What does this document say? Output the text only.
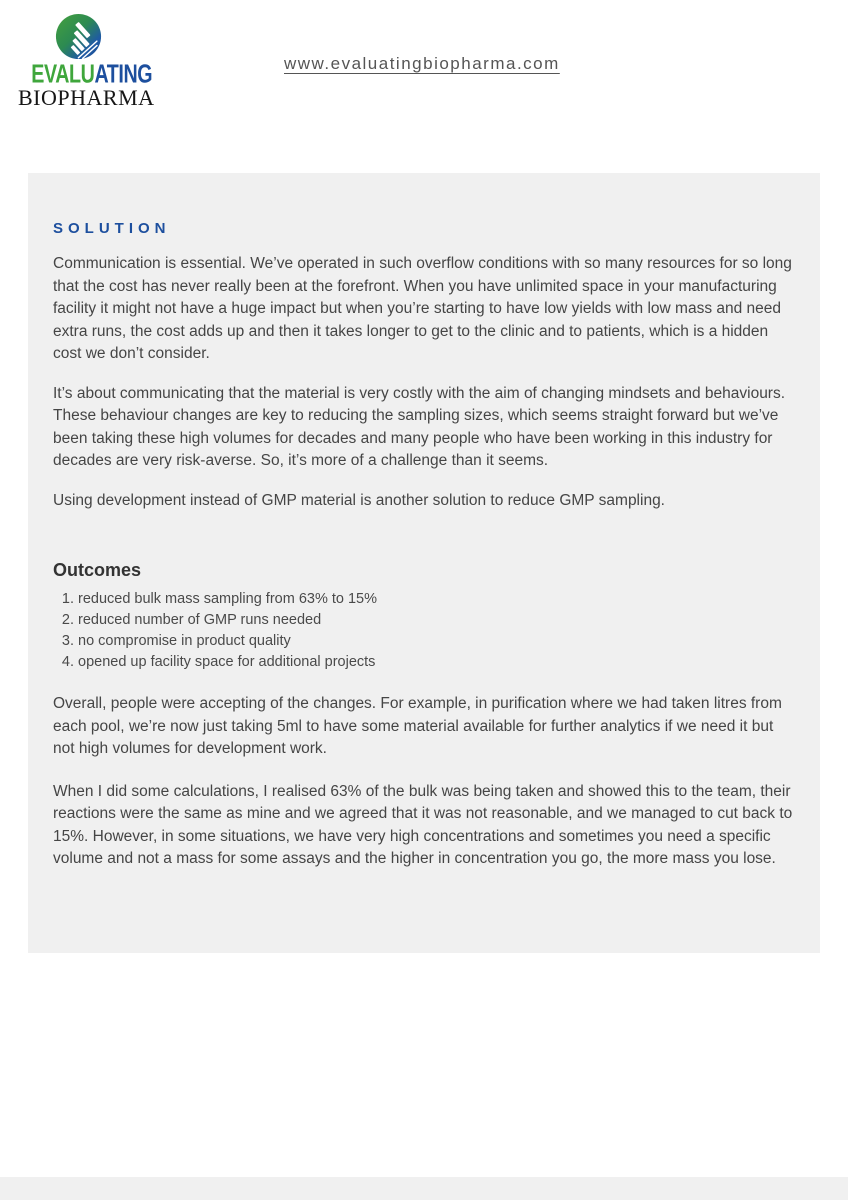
EVALUATING
BIOPHARMA
www.evaluatingbiopharma.com
SOLUTION

Communication is essential. We’ve operated in such overflow conditions with so many resources for so long that the cost has never really been at the forefront. When you have unlimited space in your manufacturing facility it might not have a huge impact but when you’re starting to have low yields with low mass and need extra runs, the cost adds up and then it takes longer to get to the clinic and to patients, which is a hidden cost we don’t consider.

It’s about communicating that the material is very costly with the aim of changing mindsets and behaviours. These behaviour changes are key to reducing the sampling sizes, which seems straight forward but we’ve been taking these high volumes for decades and many people who have been working in this industry for decades are very risk-averse. So, it’s more of a challenge than it seems.

Using development instead of GMP material is another solution to reduce GMP sampling.

Outcomes
1. reduced bulk mass sampling from 63% to 15%
2. reduced number of GMP runs needed
3. no compromise in product quality
4. opened up facility space for additional projects

Overall, people were accepting of the changes. For example, in purification where we had taken litres from each pool, we’re now just taking 5ml to have some material available for further analytics if we need it but not high volumes for development work.

When I did some calculations, I realised 63% of the bulk was being taken and showed this to the team, their reactions were the same as mine and we agreed that it was not reasonable, and we managed to cut back to 15%. However, in some situations, we have very high concentrations and sometimes you need a specific volume and not a mass for some assays and the higher in concentration you go, the more mass you lose.
